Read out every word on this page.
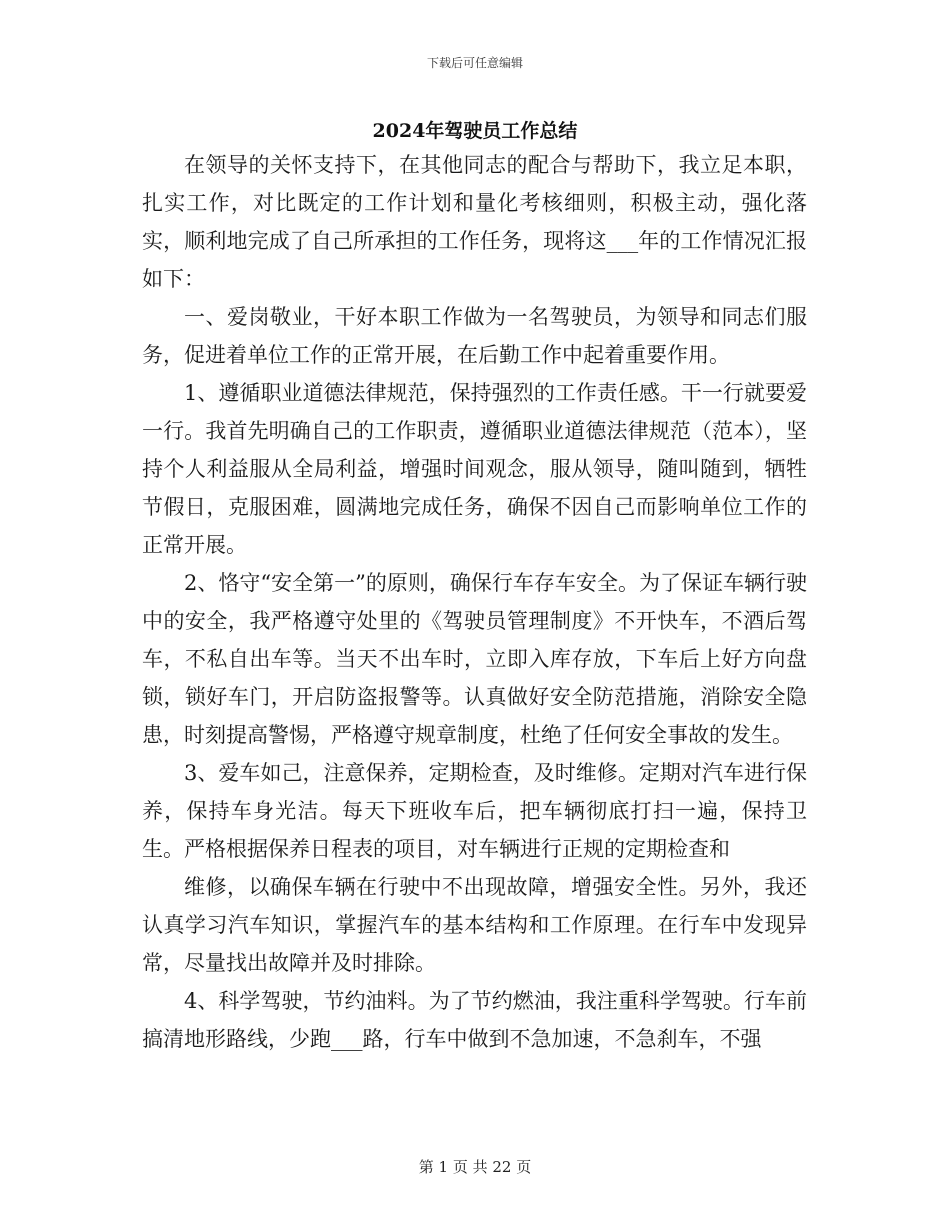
下载后可任意编辑
2024年驾驶员工作总结

在领导的关怀支持下，在其他同志的配合与帮助下，我立足本职，扎实工作，对比既定的工作计划和量化考核细则，积极主动，强化落实，顺利地完成了自己所承担的工作任务，现将这___年的工作情况汇报如下：

一、爱岗敬业，干好本职工作做为一名驾驶员，为领导和同志们服务，促进着单位工作的正常开展，在后勤工作中起着重要作用。

1、遵循职业道德法律规范，保持强烈的工作责任感。干一行就要爱一行。我首先明确自己的工作职责，遵循职业道德法律规范（范本），坚持个人利益服从全局利益，增强时间观念，服从领导，随叫随到，牺牲节假日，克服困难，圆满地完成任务，确保不因自己而影响单位工作的正常开展。

2、恪守“安全第一”的原则，确保行车存车安全。为了保证车辆行驶中的安全，我严格遵守处里的《驾驶员管理制度》不开快车，不酒后驾车，不私自出车等。当天不出车时，立即入库存放，下车后上好方向盘锁，锁好车门，开启防盗报警等。认真做好安全防范措施，消除安全隐患，时刻提高警惕，严格遵守规章制度，杜绝了任何安全事故的发生。

3、爱车如己，注意保养，定期检查，及时维修。定期对汽车进行保养，保持车身光洁。每天下班收车后，把车辆彻底打扫一遍，保持卫生。严格根据保养日程表的项目，对车辆进行正规的定期检查和

维修，以确保车辆在行驶中不出现故障，增强安全性。另外，我还认真学习汽车知识，掌握汽车的基本结构和工作原理。在行车中发现异常，尽量找出故障并及时排除。

4、科学驾驶，节约油料。为了节约燃油，我注重科学驾驶。行车前搞清地形路线，少跑___路，行车中做到不急加速，不急刹车，不强

第 1 页 共 22 页
